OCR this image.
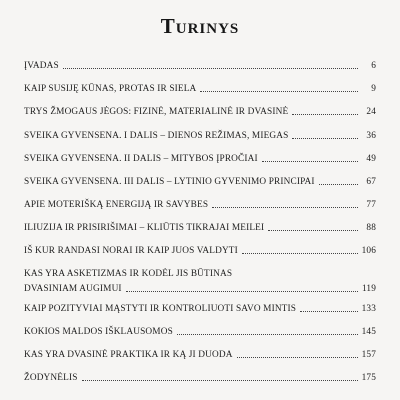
Turinys
ĮVADAS	6
KAIP SUSIJĘ KŪNAS, PROTAS IR SIELA	9
TRYS ŽMOGAUS JĖGOS: FIZINĖ, MATERIALINĖ IR DVASINĖ	24
SVEIKA GYVENSENA. I DALIS – DIENOS REŽIMAS, MIEGAS	36
SVEIKA GYVENSENA. II DALIS – MITYBOS ĮPROČIAI	49
SVEIKA GYVENSENA. III DALIS – LYTINIO GYVENIMO PRINCIPAI	67
APIE MOTERIŠKĄ ENERGIJĄ IR SAVYBES	77
ILIUZIJA IR PRISIRIŠIMAI – KLIŪTIS TIKRAJAI MEILEI	88
IŠ KUR RANDASI NORAI IR KAIP JUOS VALDYTI	106
KAS YRA ASKETIZMAS IR KODĖL JIS BŪTINAS
DVASINIAM AUGIMUI	119
KAIP POZITYVIAI MĄSTYTI IR KONTROLIUOTI SAVO MINTIS	133
KOKIOS MALDOS IŠKLAUSOMOS	145
KAS YRA DVASINĖ PRAKTIKA IR KĄ JI DUODA	157
ŽODYNĖLIS	175
